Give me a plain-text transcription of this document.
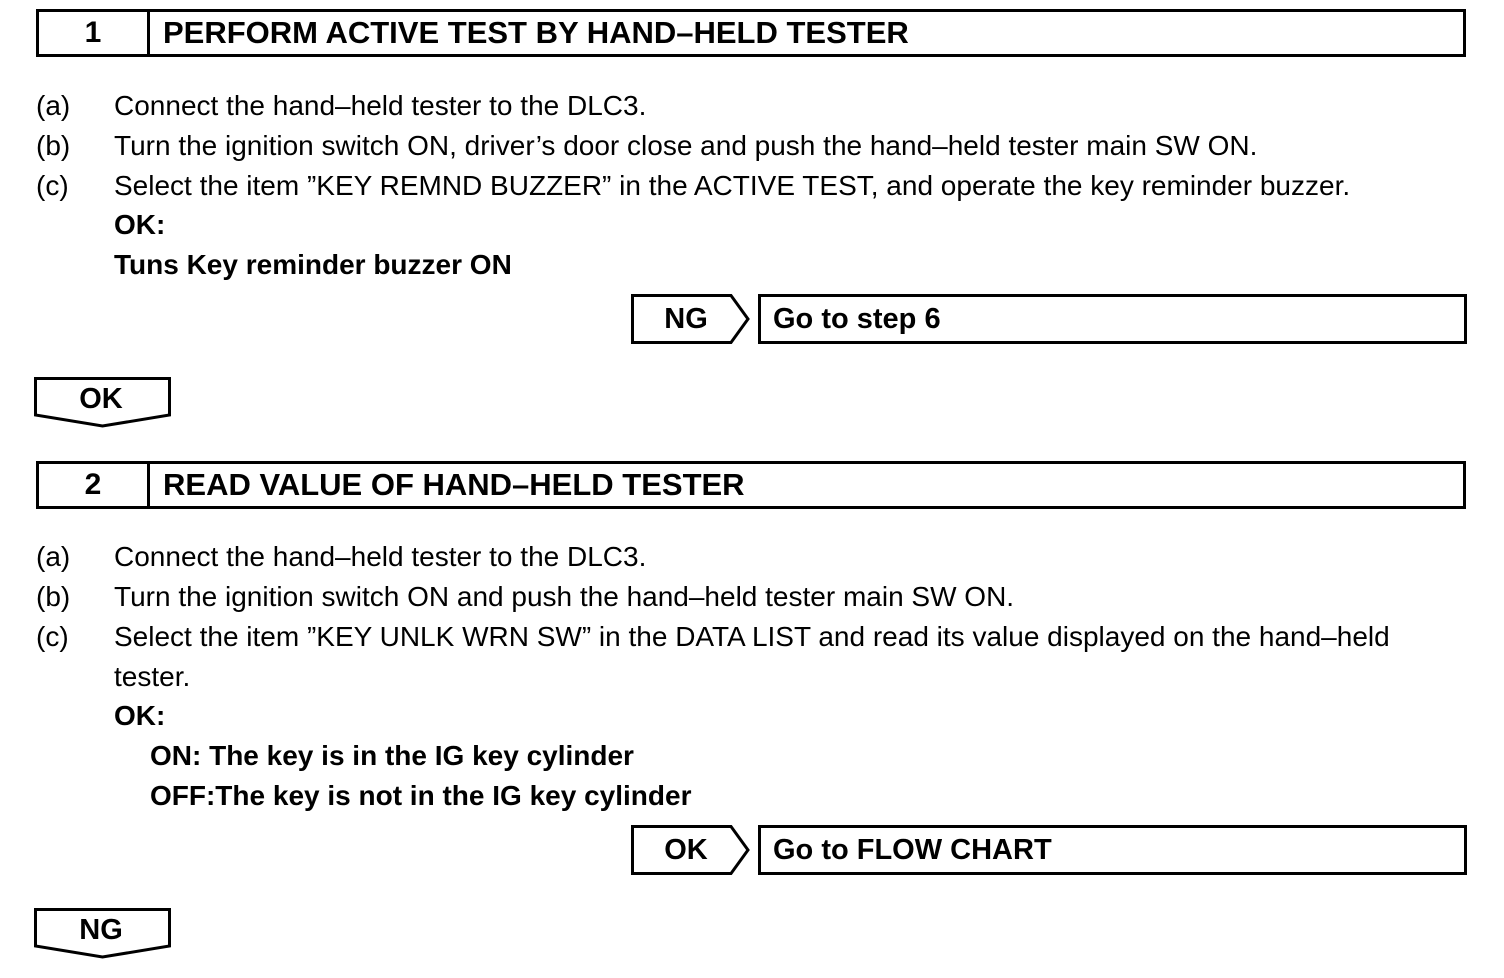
1	PERFORM ACTIVE TEST BY HAND–HELD TESTER
(a) Connect the hand–held tester to the DLC3.
(b) Turn the ignition switch ON, driver’s door close and push the hand–held tester main SW ON.
(c) Select the item ”KEY REMND BUZZER” in the ACTIVE TEST, and operate the key reminder buzzer.
OK:
Tuns Key reminder buzzer ON
NG	Go to step 6
OK
2	READ VALUE OF HAND–HELD TESTER
(a) Connect the hand–held tester to the DLC3.
(b) Turn the ignition switch ON and push the hand–held tester main SW ON.
(c) Select the item ”KEY UNLK WRN SW” in the DATA LIST and read its value displayed on the hand–held
tester.
OK:
ON: The key is in the IG key cylinder
OFF:The key is not in the IG key cylinder
OK	Go to FLOW CHART
NG
